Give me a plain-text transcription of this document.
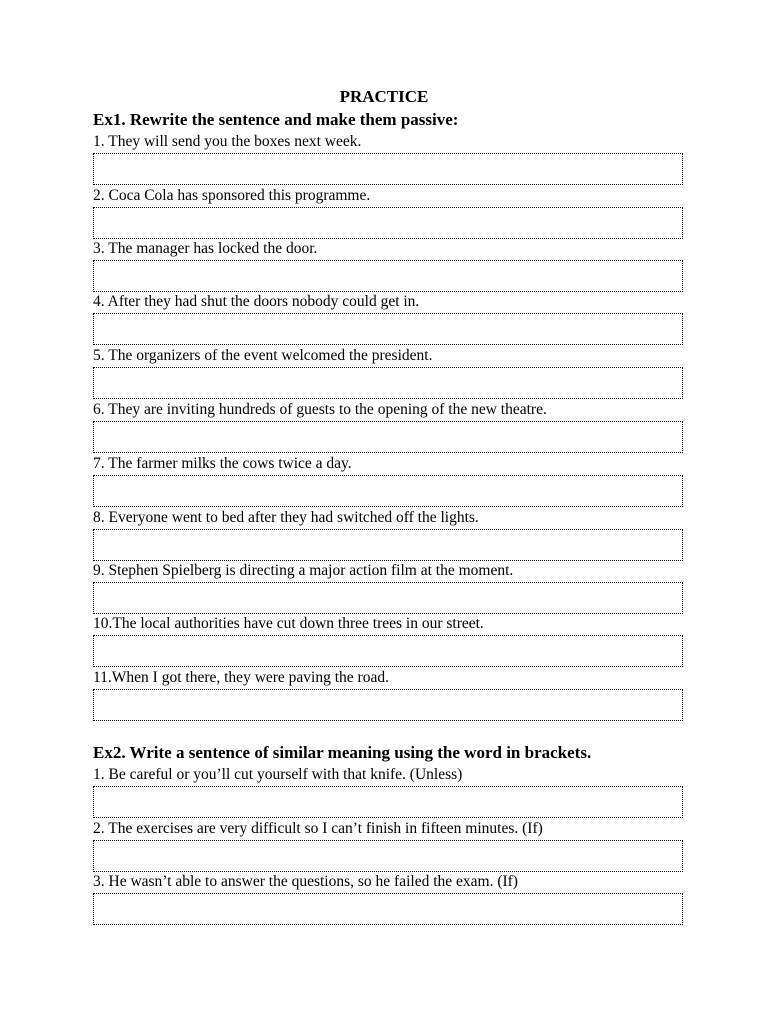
PRACTICE
Ex1. Rewrite the sentence and make them passive:
1. They will send you the boxes next week.
2. Coca Cola has sponsored this programme.
3. The manager has locked the door.
4. After they had shut the doors nobody could get in.
5. The organizers of the event welcomed the president.
6. They are inviting hundreds of guests to the opening of the new theatre.
7. The farmer milks the cows twice a day.
8. Everyone went to bed after they had switched off the lights.
9. Stephen Spielberg is directing a major action film at the moment.
10.The local authorities have cut down three trees in our street.
11.When I got there, they were paving the road.
Ex2. Write a sentence of similar meaning using the word in brackets.
1. Be careful or you’ll cut yourself with that knife. (Unless)
2. The exercises are very difficult so I can’t finish in fifteen minutes. (If)
3. He wasn’t able to answer the questions, so he failed the exam. (If)
